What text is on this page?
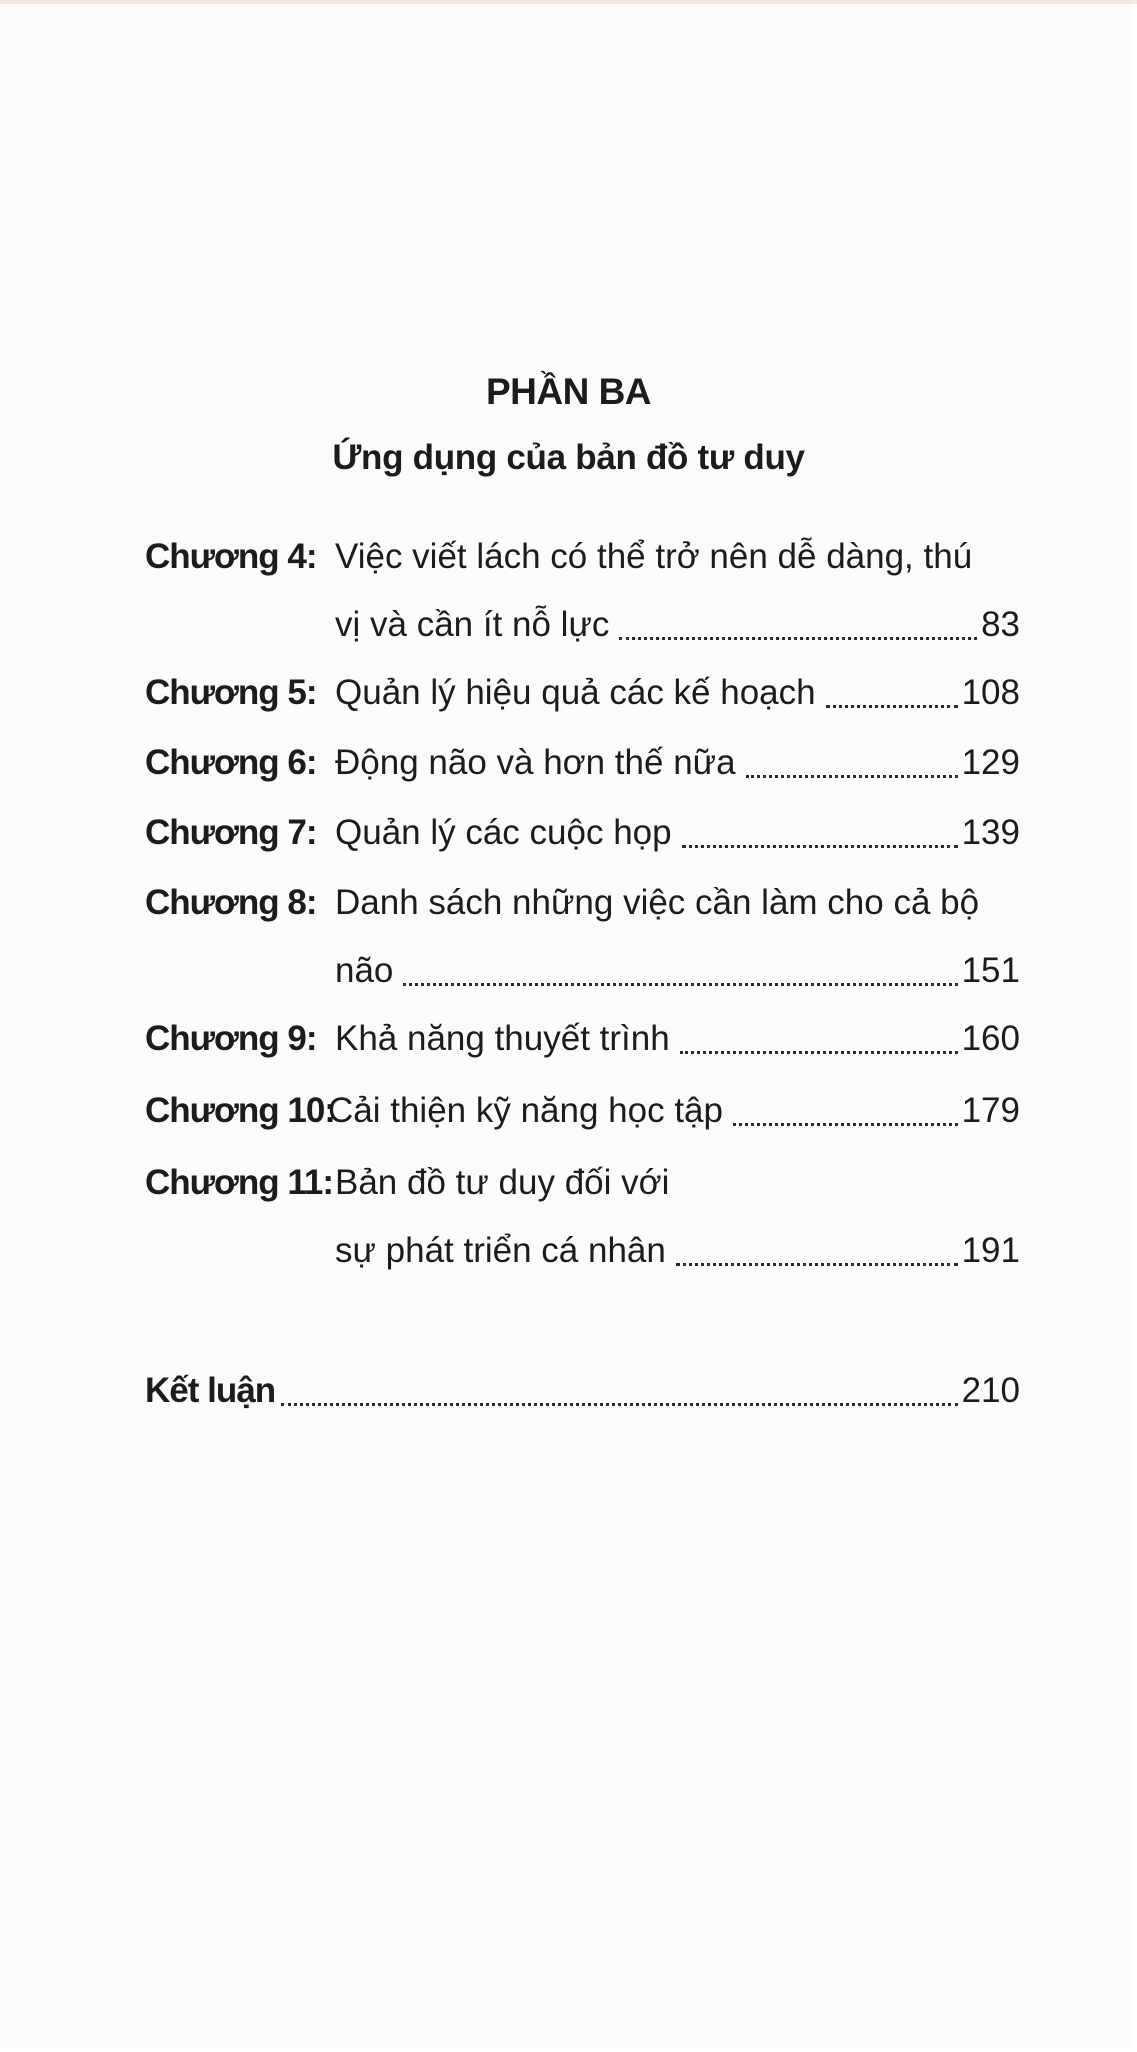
PHẦN BA
Ứng dụng của bản đồ tư duy
Chương 4: Việc viết lách có thể trở nên dễ dàng, thú
vị và cần ít nỗ lực	83
Chương 5: Quản lý hiệu quả các kế hoạch	108
Chương 6: Động não và hơn thế nữa	129
Chương 7: Quản lý các cuộc họp	139
Chương 8: Danh sách những việc cần làm cho cả bộ
não	151
Chương 9: Khả năng thuyết trình	160
Chương 10:
Cải thiện kỹ năng học tập	179
Chương 11: Bản đồ tư duy đối với
sự phát triển cá nhân	191
Kết luận	210
